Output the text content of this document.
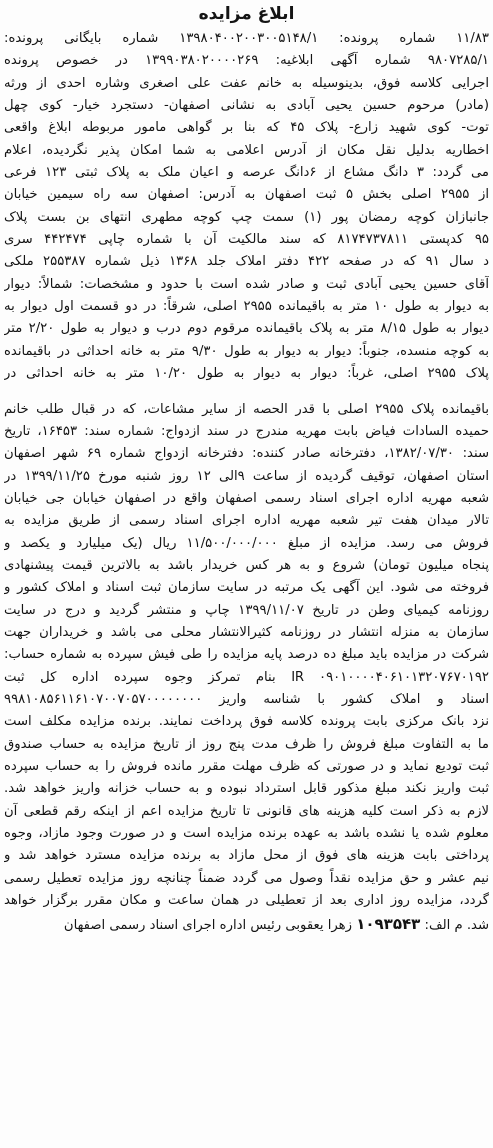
ابلاغ مزایده
۱۱/۸۳ شماره پرونده: ۱۳۹۸۰۴۰۰۲۰۰۳۰۰۵۱۴۸/۱ شماره بایگانی پرونده:
۹۸۰۷۲۸۵/۱ شماره آگهی ابلاغیه: ۱۳۹۹۰۳۸۰۲۰۰۰۰۲۶۹ در خصوص پرونده
اجرایی کلاسه فوق، بدینوسیله به خانم عفت علی اصغری وشاره احدی از ورثه
(مادر) مرحوم حسین یحیی آبادی به نشانی اصفهان- دستجرد خیار- کوی چهل
توت- کوی شهید زارع- پلاک ۴۵ که بنا بر گواهی مامور مربوطه ابلاغ واقعی
اخطاریه بدلیل نقل مکان از آدرس اعلامی به شما امکان پذیر نگردیده، اعلام
می گردد: ۳ دانگ مشاع از ۶دانگ عرصه و اعیان ملک به پلاک ثبتی ۱۲۳ فرعی
از ۲۹۵۵ اصلی بخش ۵ ثبت اصفهان به آدرس: اصفهان سه راه سیمین خیابان
جانبازان کوچه رمضان پور (۱) سمت چپ کوچه مطهری انتهای بن بست پلاک
۹۵ کدپستی ۸۱۷۴۷۳۷۸۱۱ که سند مالکیت آن با شماره چاپی ۴۴۲۴۷۴ سری
د سال ۹۱ که در صفحه ۴۲۲ دفتر املاک جلد ۱۳۶۸ ذیل شماره ۲۵۵۳۸۷ ملکی
آقای حسین یحیی آبادی ثبت و صادر شده است با حدود و مشخصات: شمالاً: دیوار
به دیوار به طول ۱۰ متر به باقیمانده ۲۹۵۵ اصلی، شرقاً: در دو قسمت اول دیوار به
دیوار به طول ۸/۱۵ متر به پلاک باقیمانده مرقوم دوم درب و دیوار به طول ۲/۲۰ متر
به کوچه منسده، جنوباً: دیوار به دیوار به طول ۹/۳۰ متر به خانه احداثی در باقیمانده
پلاک ۲۹۵۵ اصلی، غرباً: دیوار به دیوار به طول ۱۰/۲۰ متر به خانه احداثی در
باقیمانده پلاک ۲۹۵۵ اصلی با قدر الحصه از سایر مشاعات، که در قبال طلب خانم
حمیده السادات فیاض بابت مهریه مندرج در سند ازدواج: شماره سند: ۱۶۴۵۳، تاریخ
سند: ۱۳۸۲/۰۷/۳۰، دفترخانه صادر کننده: دفترخانه ازدواج شماره ۶۹ شهر اصفهان
استان اصفهان، توقیف گردیده از ساعت ۹الی ۱۲ روز شنبه مورخ ۱۳۹۹/۱۱/۲۵ در
شعبه مهریه اداره اجرای اسناد رسمی اصفهان واقع در اصفهان خیابان جی خیابان
تالار میدان هفت تیر شعبه مهریه اداره اجرای اسناد رسمی از طریق مزایده به
فروش می رسد. مزایده از مبلغ ۱۱/۵۰۰/۰۰۰/۰۰۰ ریال (یک میلیارد و یکصد و
پنجاه میلیون تومان) شروع و به هر کس خریدار باشد به بالاترین قیمت پیشنهادی
فروخته می شود. این آگهی یک مرتبه در سایت سازمان ثبت اسناد و املاک کشور و
روزنامه کیمیای وطن در تاریخ ۱۳۹۹/۱۱/۰۷ چاپ و منتشر گردید و درج در سایت
سازمان به منزله انتشار در روزنامه کثیرالانتشار محلی می باشد و خریداران جهت
شرکت در مزایده باید مبلغ ده درصد پایه مزایده را طی فیش سپرده به شماره حساب:
IR ۰۹۰۱۰۰۰۰۴۰۶۱۰۱۳۲۰۷۶۷۰۱۹۲ بنام تمرکز وجوه سپرده اداره کل ثبت
اسناد و املاک کشور با شناسه واریز ۹۹۸۱۰۸۵۶۱۱۶۱۰۷۰۰۷۰۵۷۰۰۰۰۰۰۰۰
نزد بانک مرکزی بابت پرونده کلاسه فوق پرداخت نمایند. برنده مزایده مکلف است
ما به التفاوت مبلغ فروش را ظرف مدت پنج روز از تاریخ مزایده به حساب صندوق
ثبت تودیع نماید و در صورتی که ظرف مهلت مقرر مانده فروش را به حساب سپرده
ثبت واریز نکند مبلغ مذکور قابل استرداد نبوده و به حساب خزانه واریز خواهد شد.
لازم به ذکر است کلیه هزینه های قانونی تا تاریخ مزایده اعم از اینکه رقم قطعی آن
معلوم شده یا نشده باشد به عهده برنده مزایده است و در صورت وجود مازاد، وجوه
پرداختی بابت هزینه های فوق از محل مازاد به برنده مزایده مسترد خواهد شد و
نیم عشر و حق مزایده نقداً وصول می گردد ضمناً چنانچه روز مزایده تعطیل رسمی
گردد، مزایده روز اداری بعد از تعطیلی در همان ساعت و مکان مقرر برگزار خواهد
شد. م الف: ۱۰۹۳۵۴۳ زهرا یعقوبی رئیس اداره اجرای اسناد رسمی اصفهان
